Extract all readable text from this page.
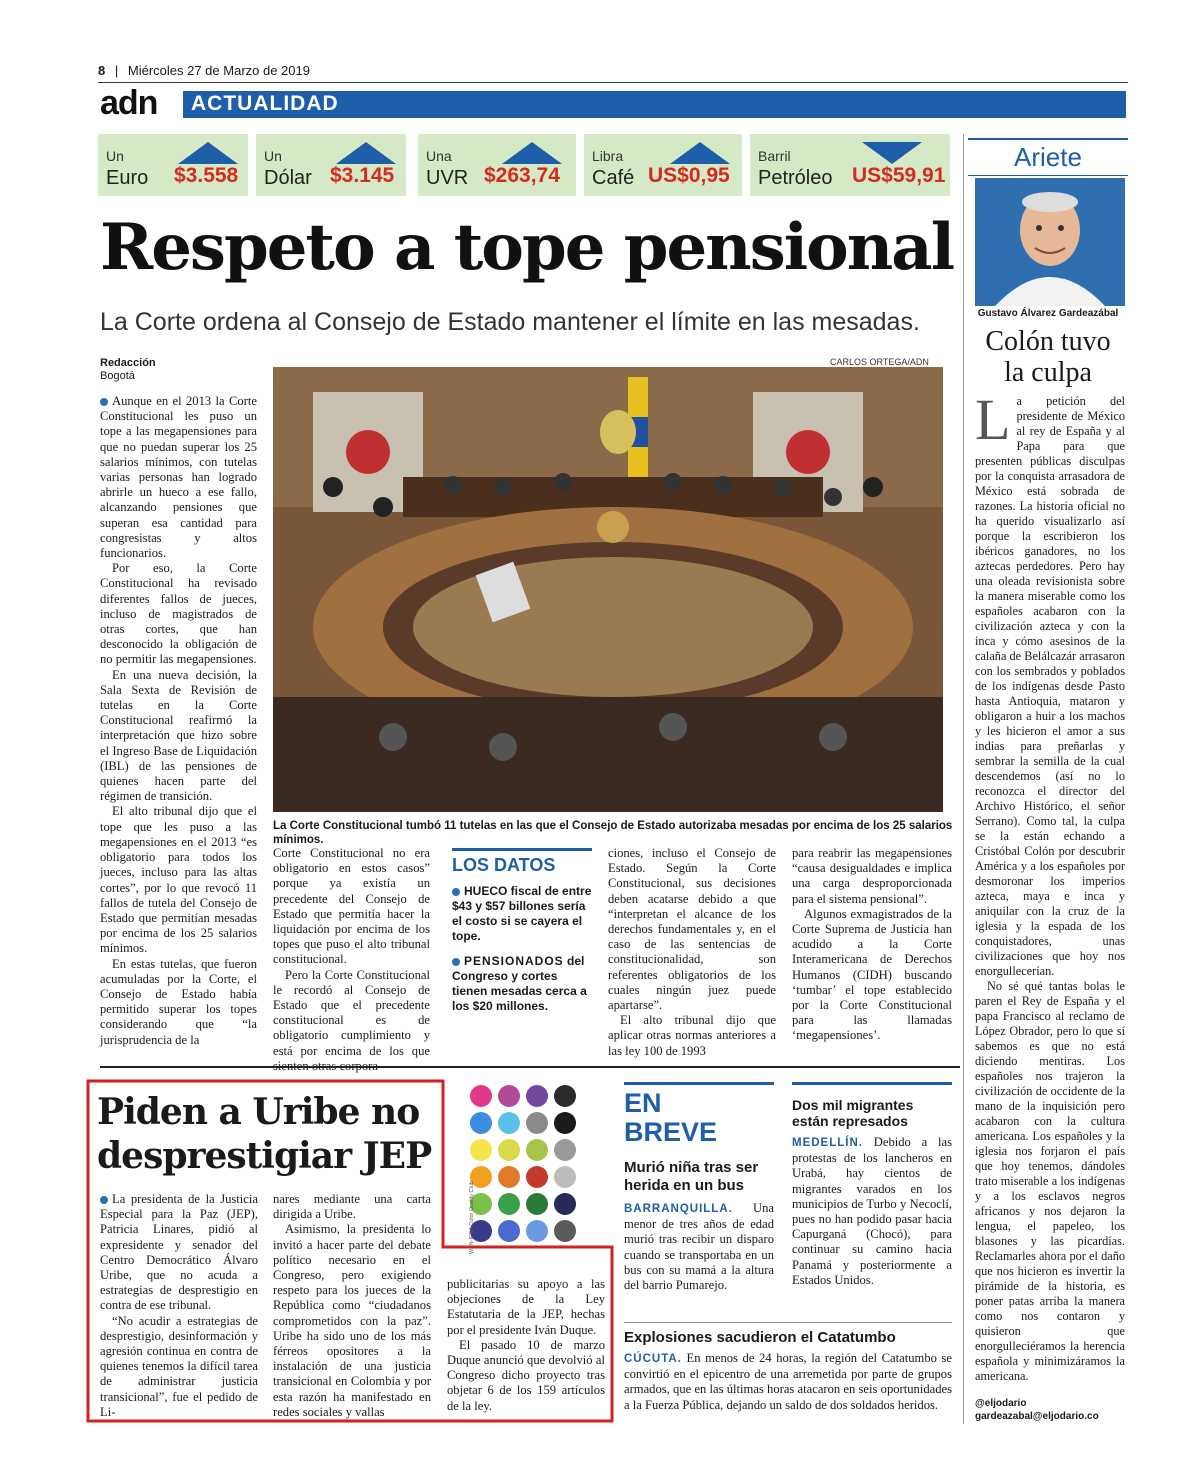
8 | Miércoles 27 de Marzo de 2019
adn ACTUALIDAD
Un
Euro $3.558
Un
Dólar $3.145
Una
UVR $263,74
Libra
Café US$0,95
Barril
Petróleo US$59,91
Respeto a tope pensional
La Corte ordena al Consejo de Estado mantener el límite en las mesadas.
Redacción
Bogotá
CARLOS ORTEGA/ADN
La Corte Constitucional tumbó 11 tutelas en las que el Consejo de Estado autorizaba mesadas por encima de los 25 salarios mínimos.

Aunque en el 2013 la Corte Constitucional les puso un tope a las megapensiones para que no puedan superar los 25 salarios mínimos, con tutelas varias personas han logrado abrirle un hueco a ese fallo, alcanzando pensiones que superan esa cantidad para congresistas y altos funcionarios.

Por eso, la Corte Constitucional ha revisado diferentes fallos de jueces, incluso de magistrados de otras cortes, que han desconocido la obligación de no permitir las megapensiones.

En una nueva decisión, la Sala Sexta de Revisión de tutelas en la Corte Constitucional reafirmó la interpretación que hizo sobre el Ingreso Base de Liquidación (IBL) de las pensiones de quienes hacen parte del régimen de transición.

El alto tribunal dijo que el tope que les puso a las megapensiones en el 2013 “es obligatorio para todos los jueces, incluso para las altas cortes”, por lo que revocó 11 fallos de tutela del Consejo de Estado que permitían mesadas por encima de los 25 salarios mínimos.

En estas tutelas, que fueron acumuladas por la Corte, el Consejo de Estado había permitido superar los topes considerando que “la jurisprudencia de la

Corte Constitucional no era obligatorio en estos casos” porque ya existía un precedente del Consejo de Estado que permitía hacer la liquidación por encima de los topes que puso el alto tribunal constitucional.

Pero la Corte Constitucional le recordó al Consejo de Estado que el precedente constitucional es de obligatorio cumplimiento y está por encima de los que

LOS DATOS
HUECO fiscal de entre $43 y $57 billones sería el costo si se cayera el tope.
PENSIONADOS del Congreso y cortes tienen mesadas cerca a los $20 millones.

ciones, incluso el Consejo de Estado. Según la Corte Constitucional, sus decisiones deben acatarse debido a que “interpretan el alcance de los derechos fundamentales y, en el caso de las sentencias de constitucionalidad, son referentes obligatorios de los cuales ningún juez puede apartarse”.

El alto tribunal dijo que aplicar otras normas anteriores a las ley 100 de 1993

para reabrir las megapensiones “causa desigualdades e implica una carga desproporcionada para el sistema pensional”.

Algunos exmagistrados de la Corte Suprema de Justicia han acudido a la Corte Interamericana de Derechos Humanos (CIDH) buscando ‘tumbar’ el tope establecido por la Corte Constitucional para las llamadas ‘megapensiones’.

Ariete
Gustavo Álvarez Gardeazábal
Colón tuvo la culpa

La petición del presidente de México al rey de España y al Papa para que presenten públicas disculpas por la conquista arrasadora de México está sobrada de razones. La historia oficial no ha querido visualizarlo así porque la escribieron los ibéricos ganadores, no los aztecas perdedores. Pero hay una oleada revisionista sobre la manera miserable como los españoles acabaron con la civilización azteca y con la inca y cómo asesinos de la calaña de Belálcazár arrasaron con los sembrados y poblados de los indígenas desde Pasto hasta Antioquia, mataron y obligaron a huir a los machos y les hicieron el amor a sus indias para preñarlas y sembrar la semilla de la cual descendemos (así no lo reconozca el director del Archivo Histórico, el señor Serrano). Como tal, la culpa se la están echando a Cristóbal Colón por descubrir América y a los españoles por desmoronar los imperios azteca, maya e inca y aniquilar con la cruz de la iglesia y la espada de los conquistadores, unas civilizaciones que hoy nos enorgullecerían.

No sé qué tantas bolas le paren el Rey de España y el papa Francisco al reclamo de López Obrador, pero lo que sí sabemos es que no está diciendo mentiras. Los españoles nos trajeron la civilización de occidente de la mano de la inquisición pero acabaron con la cultura americana. Los españoles y la iglesia nos forjaron el país que hoy tenemos, dándoles trato miserable a los indígenas y a los esclavos negros africanos y nos dejaron la lengua, el papeleo, los blasones y las picardías. Reclamarles ahora por el daño que nos hicieron es invertir la pirámide de la historia, es poner patas arriba la manera como nos contaron y quisieron que enorgulleciéramos la herencia española y minimizáramos la americana.

@eljodario
gardeazabal@eljodario.co
Piden a Uribe no desprestigiar JEP

La presidenta de la Justicia Especial para la Paz (JEP), Patricia Linares, pidió al expresidente y senador del Centro Democrático Álvaro Uribe, que no acuda a estrategias de desprestigio en contra de ese tribunal.

“No acudir a estrategias de desprestigio, desinformación y agresión continua en contra de quienes tenemos la difícil tarea de administrar justicia transicional”, fue el pedido de Li-

nares mediante una carta dirigida a Uribe.

Asimismo, la presidenta lo invitó a hacer parte del debate político necesario en el Congreso, pero exigiendo respeto para los jueces de la República como “ciudadanos comprometidos con la paz”. Uribe ha sido uno de los más férreos opositores a la instalación de una justicia transicional en Colombia y por esta razón ha manifestado en redes sociales y vallas

publicitarias su apoyo a las objeciones de la Ley Estatutaria de la JEP, hechas por el presidente Iván Duque.

El pasado 10 de marzo Duque anunció que devolvió al Congreso dicho proyecto tras objetar 6 de los 159 artículos de la ley.

WAN-IFRA Color Quality Club
EN BREVE
Murió niña tras ser herida en un bus
BARRANQUILLA. Una menor de tres años de edad murió tras recibir un disparo cuando se transportaba en un bus con su mamá a la altura del barrio Pumarejo.
Dos mil migrantes están represados
MEDELLÍN. Debido a las protestas de los lancheros en Urabá, hay cientos de migrantes varados en los municipios de Turbo y Necoclí, pues no han podido pasar hacia Capurganá (Chocó), para continuar su camino hacia Panamá y posteriormente a Estados Unidos.
Explosiones sacudieron el Catatumbo
CÚCUTA. En menos de 24 horas, la región del Catatumbo se convirtió en el epicentro de una arremetida por parte de grupos armados, que en las últimas horas atacaron en seis oportunidades a la Fuerza Pública, dejando un saldo de dos soldados heridos.
